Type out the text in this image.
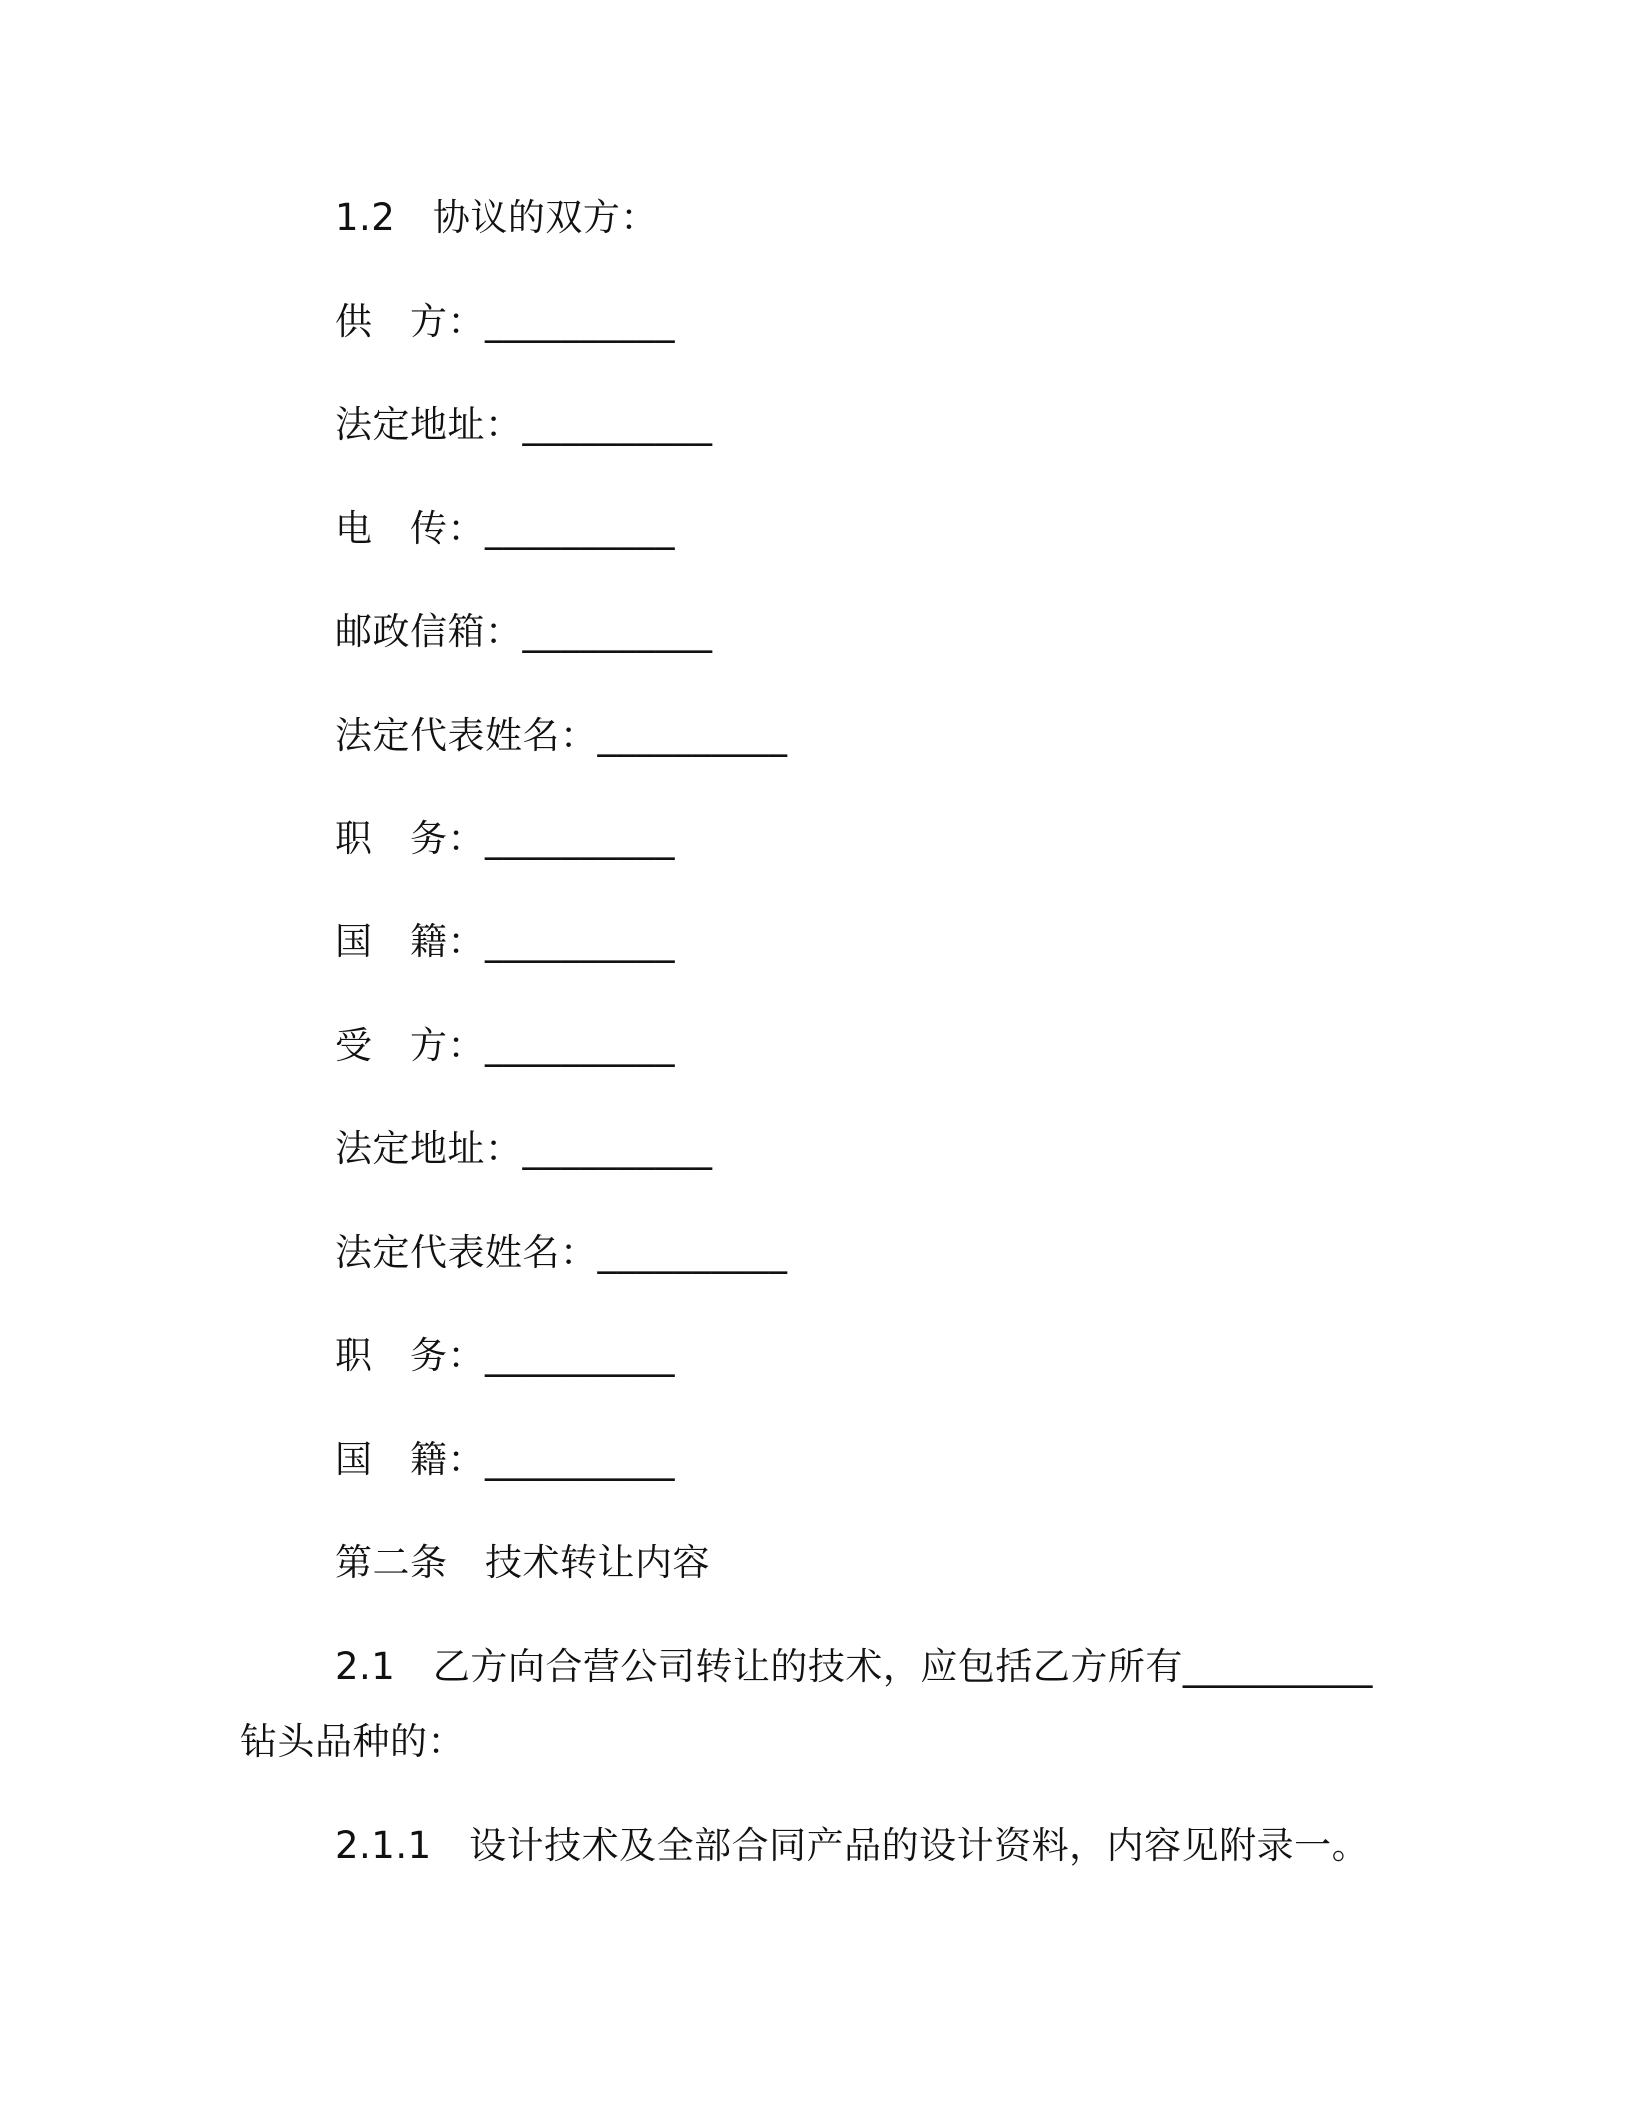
1.2　协议的双方：
供　方：__________
法定地址：__________
电　传：__________
邮政信箱：__________
法定代表姓名：__________
职　务：__________
国　籍：__________
受　方：__________
法定地址：__________
法定代表姓名：__________
职　务：__________
国　籍：__________
第二条　技术转让内容
2.1　乙方向合营公司转让的技术，应包括乙方所有__________
钻头品种的：
2.1.1　设计技术及全部合同产品的设计资料，内容见附录一。
